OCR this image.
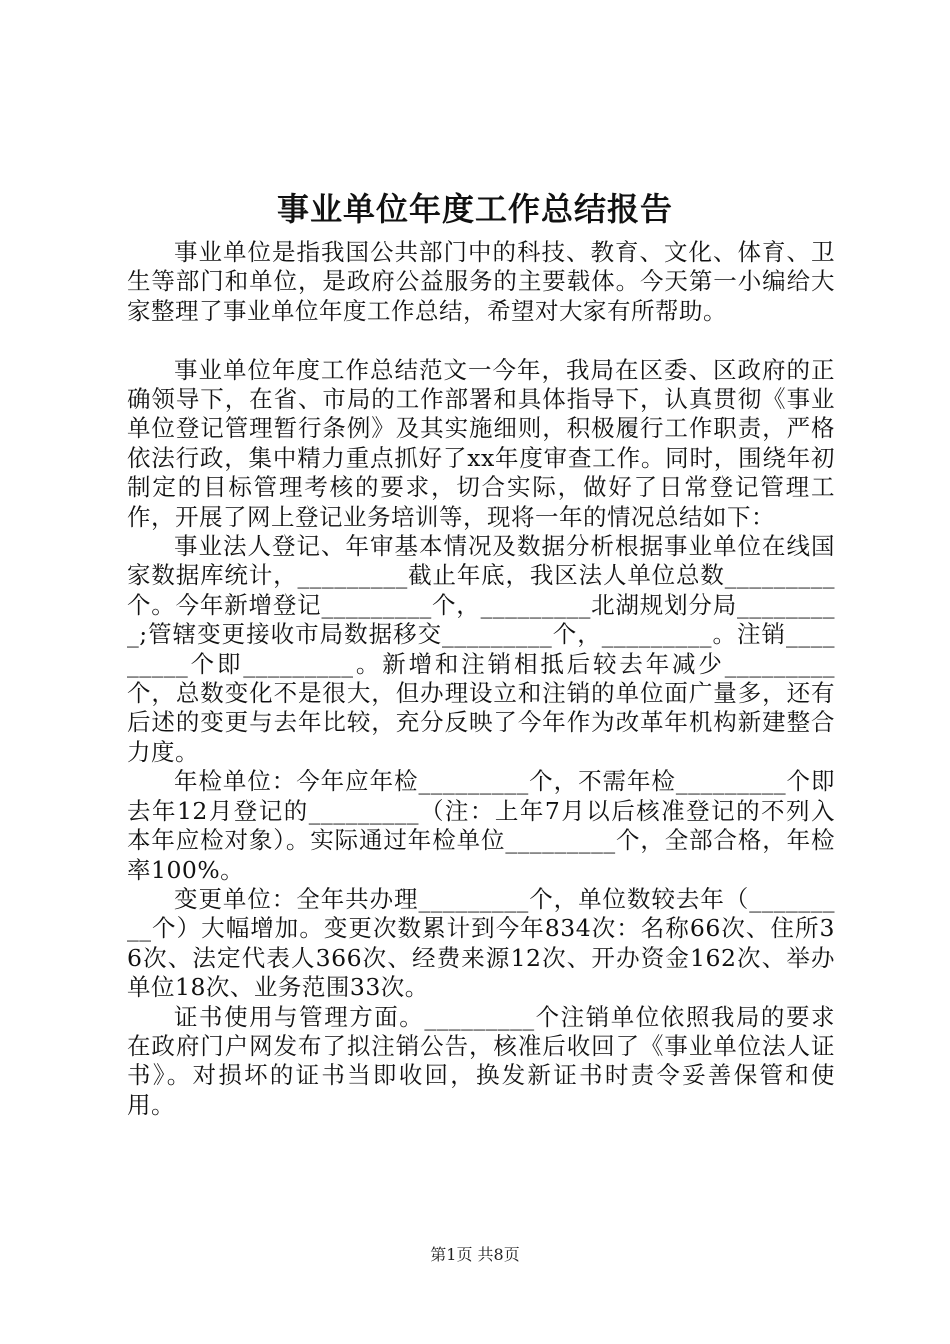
事业单位年度工作总结报告

事业单位是指我国公共部门中的科技、教育、文化、体育、卫生等部门和单位，是政府公益服务的主要载体。今天第一小编给大家整理了事业单位年度工作总结，希望对大家有所帮助。

事业单位年度工作总结范文一今年，我局在区委、区政府的正确领导下，在省、市局的工作部署和具体指导下，认真贯彻《事业单位登记管理暂行条例》及其实施细则，积极履行工作职责，严格依法行政，集中精力重点抓好了xx年度审查工作。同时，围绕年初制定的目标管理考核的要求，切合实际，做好了日常登记管理工作，开展了网上登记业务培训等，现将一年的情况总结如下：

事业法人登记、年审基本情况及数据分析根据事业单位在线国家数据库统计，_________截止年底，我区法人单位总数_________个。今年新增登记_________个，_________北湖规划分局_________;管辖变更接收市局数据移交_________个，_________。注销_________个即_________。新增和注销相抵后较去年减少_________个，总数变化不是很大，但办理设立和注销的单位面广量多，还有后述的变更与去年比较，充分反映了今年作为改革年机构新建整合力度。

年检单位：今年应年检_________个，不需年检_________个即去年12月登记的_________（注：上年7月以后核准登记的不列入本年应检对象）。实际通过年检单位_________个，全部合格，年检率100%。

变更单位：全年共办理_________个，单位数较去年（_________个）大幅增加。变更次数累计到今年834次：名称66次、住所36次、法定代表人366次、经费来源12次、开办资金162次、举办单位18次、业务范围33次。

证书使用与管理方面。_________个注销单位依照我局的要求在政府门户网发布了拟注销公告，核准后收回了《事业单位法人证书》。对损坏的证书当即收回，换发新证书时责令妥善保管和使用。

第1页 共8页
